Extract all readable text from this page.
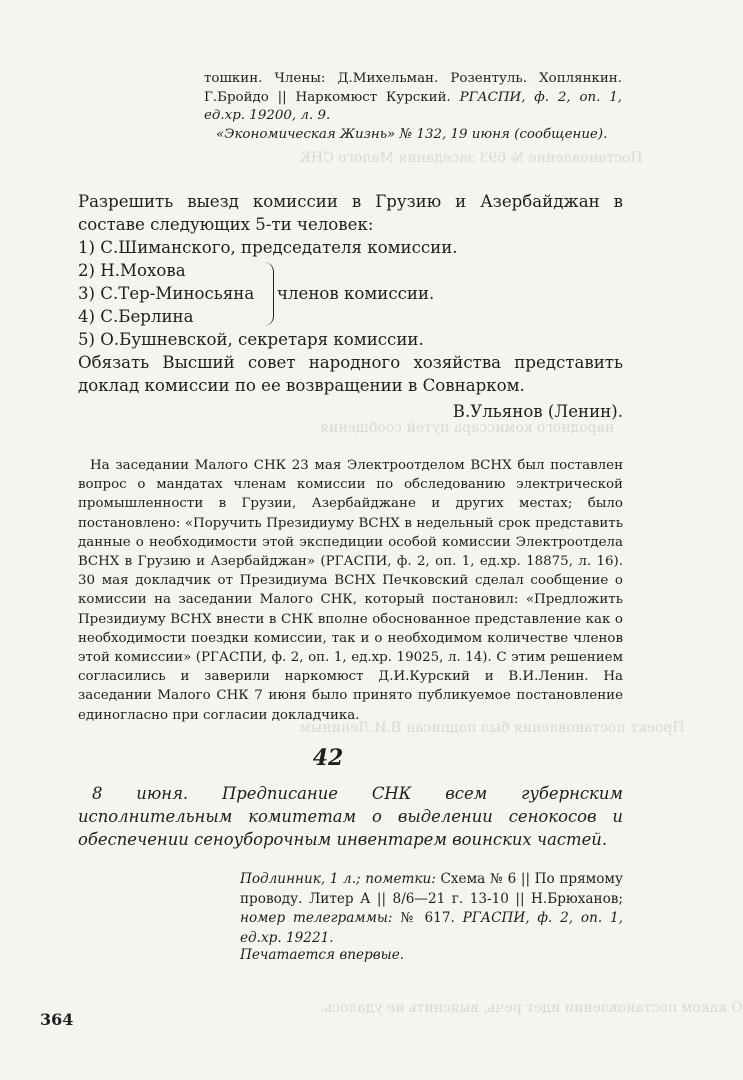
Постановление № 693 заседания Малого СНК
народного комиссара путей сообщения
Проект постановления был подписан В.И.Лениным
О каком постановлении идет речь, выяснить не удалось.

тошкин. Члены: Д.Михельман. Розентуль. Хоплянкин. Г.Бройдо || Наркомюст Курский. РГАСПИ, ф. 2, оп. 1, ед.хр. 19200, л. 9.

«Экономическая Жизнь» № 132, 19 июня (сообщение).

Разрешить выезд комиссии в Грузию и Азербайджан в составе следующих 5-ти человек:

1) С.Шиманского, председателя комиссии.
2) Н.Мохова
3) С.Тер-Миносьяна
4) С.Берлина
членов комиссии.
5) О.Бушневской, секретаря комиссии.

Обязать Высший совет народного хозяйства представить доклад комиссии по ее возвращении в Совнарком.

В.Ульянов (Ленин).

На заседании Малого СНК 23 мая Электроотделом ВСНХ был поставлен вопрос о мандатах членам комиссии по обследованию электрической промышленности в Грузии, Азербайджане и других местах; было постановлено: «Поручить Президиуму ВСНХ в недельный срок представить данные о необходимости этой экспедиции особой комиссии Электроотдела ВСНХ в Грузию и Азербайджан» (РГАСПИ, ф. 2, оп. 1, ед.хр. 18875, л. 16). 30 мая докладчик от Президиума ВСНХ Печковский сделал сообщение о комиссии на заседании Малого СНК, который постановил: «Предложить Президиуму ВСНХ внести в СНК вполне обоснованное представление как о необходимости поездки комиссии, так и о необходимом количестве членов этой комиссии» (РГАСПИ, ф. 2, оп. 1, ед.хр. 19025, л. 14). С этим решением согласились и заверили наркомюст Д.И.Курский и В.И.Ленин. На заседании Малого СНК 7 июня было принято публикуемое постановление единогласно при согласии докладчика.

42

8 июня. Предписание СНК всем губернским исполнительным комитетам о выделении сенокосов и обеспечении сеноуборочным инвентарем воинских частей.

Подлинник, 1 л.; пометки: Схема № 6 || По прямому проводу. Литер А || 8/6—21 г. 13-10 || Н.Брюханов; номер телеграммы: № 617. РГАСПИ, ф. 2, оп. 1, ед.хр. 19221.

Печатается впервые.
364
